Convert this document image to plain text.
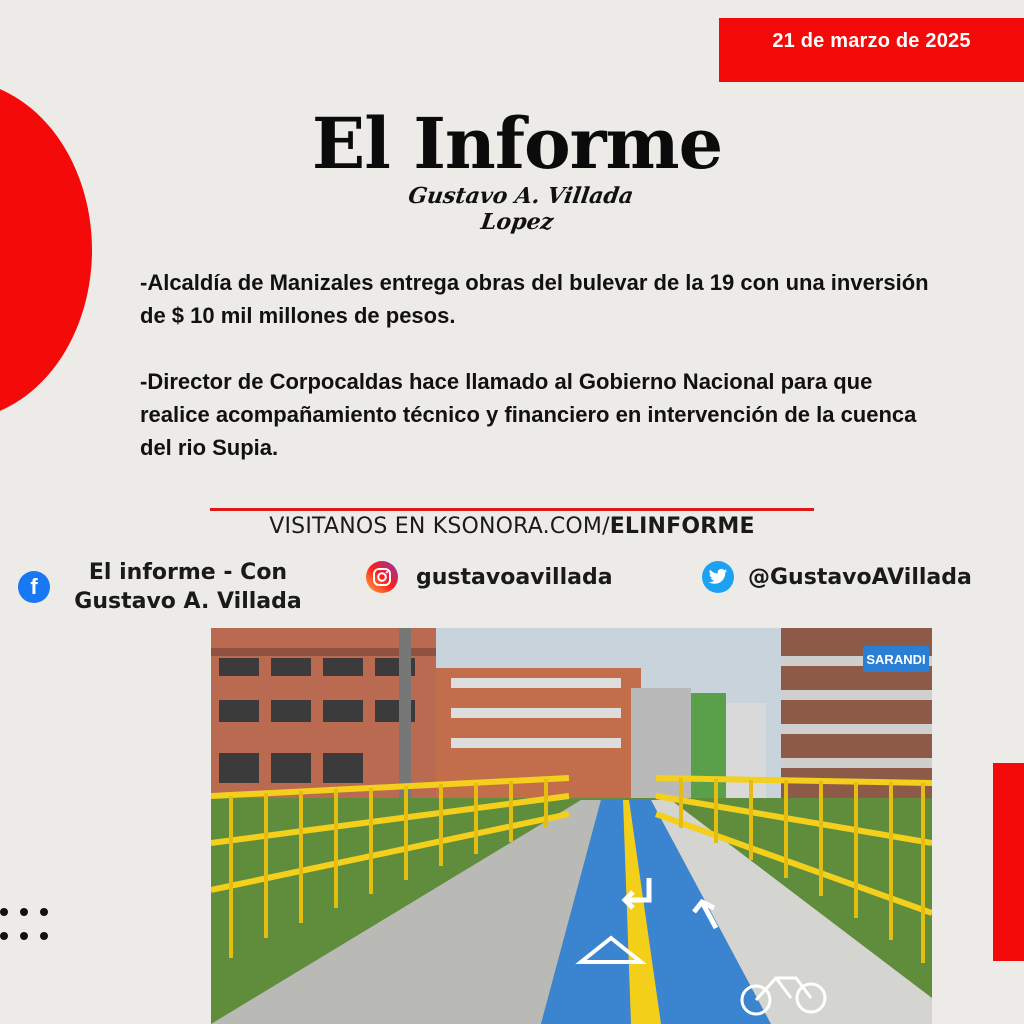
21 de marzo de 2025
El Informe
Gustavo A. Villada Lopez

-Alcaldía de Manizales entrega obras del bulevar de la 19 con una inversión de $ 10 mil millones de pesos.

-Director de Corpocaldas hace llamado al Gobierno Nacional para que realice acompañamiento técnico y financiero en intervención de la cuenca del rio Supia.

VISITANOS EN KSONORA.COM/ELINFORME
f
El informe - Con
Gustavo A. Villada
gustavoavillada	@GustavoAVillada
SARANDI
